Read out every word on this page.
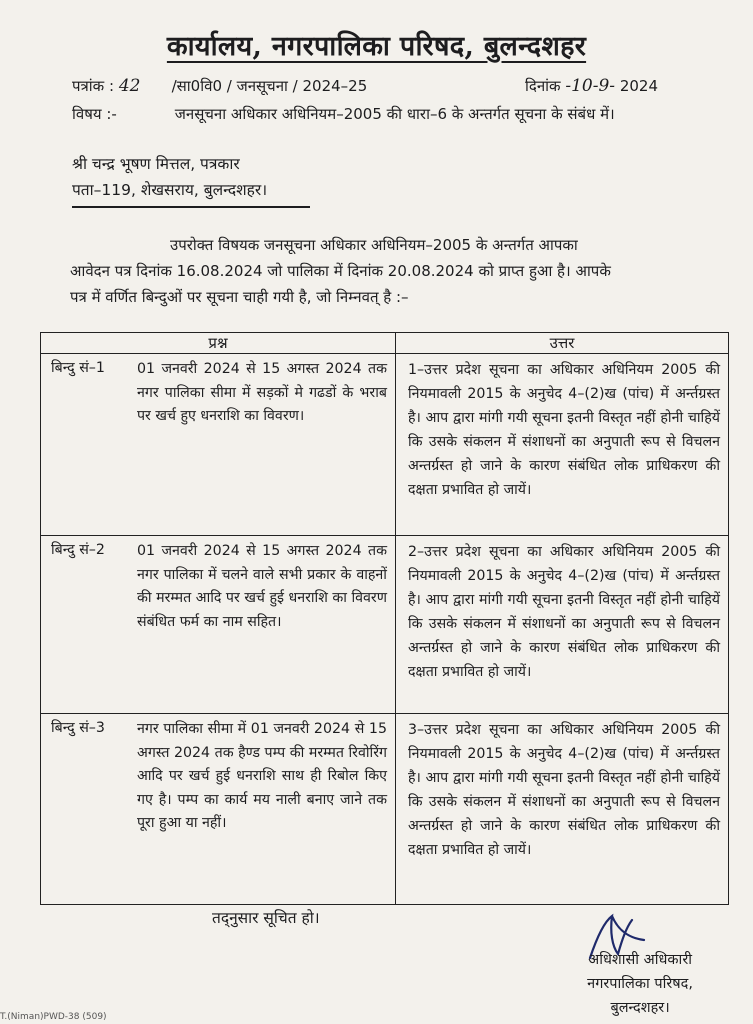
कार्यालय, नगरपालिका परिषद, बुलन्दशहर
पत्रांक : 42 /सा0वि0 / जनसूचना / 2024–25	दिनांक -10-9- 2024
विषय :-	जनसूचना अधिकार अधिनियम–2005 की धारा–6 के अन्तर्गत सूचना के संबंध में।
श्री चन्द्र भूषण मित्तल, पत्रकार
पता–119, शेखसराय, बुलन्दशहर।
उपरोक्त विषयक जनसूचना अधिकार अधिनियम–2005 के अन्तर्गत आपका
आवेदन पत्र दिनांक 16.08.2024 जो पालिका में दिनांक 20.08.2024 को प्राप्त हुआ है। आपके
पत्र में वर्णित बिन्दुओं पर सूचना चाही गयी है, जो निम्नवत् है :–
प्रश्न	उत्तर

बिन्दु सं–1 01 जनवरी 2024 से 15 अगस्त 2024 तक नगर पालिका सीमा में सड़कों मे गढडों के भराब पर खर्च हुए धनराशि का विवरण।	1–उत्तर प्रदेश सूचना का अधिकार अधिनियम 2005 की नियमावली 2015 के अनुचेद 4–(2)ख (पांच) में अर्न्तग्रस्त है। आप द्वारा मांगी गयी सूचना इतनी विस्तृत नहीं होनी चाहियें कि उसके संकलन में संशाधनों का अनुपाती रूप से विचलन अन्तर्ग्रस्त हो जाने के कारण संबंधित लोक प्राधिकरण की दक्षता प्रभावित हो जायें।

बिन्दु सं–2 01 जनवरी 2024 से 15 अगस्त 2024 तक नगर पालिका में चलने वाले सभी प्रकार के वाहनों की मरम्मत आदि पर खर्च हुई धनराशि का विवरण संबंधित फर्म का नाम सहित।	2–उत्तर प्रदेश सूचना का अधिकार अधिनियम 2005 की नियमावली 2015 के अनुचेद 4–(2)ख (पांच) में अर्न्तग्रस्त है। आप द्वारा मांगी गयी सूचना इतनी विस्तृत नहीं होनी चाहियें कि उसके संकलन में संशाधनों का अनुपाती रूप से विचलन अन्तर्ग्रस्त हो जाने के कारण संबंधित लोक प्राधिकरण की दक्षता प्रभावित हो जायें।

बिन्दु सं–3 नगर पालिका सीमा में 01 जनवरी 2024 से 15 अगस्त 2024 तक हैण्ड पम्प की मरम्मत रिवोरिंग आदि पर खर्च हुई धनराशि साथ ही रिबोल किए गए है। पम्प का कार्य मय नाली बनाए जाने तक पूरा हुआ या नहीं।	3–उत्तर प्रदेश सूचना का अधिकार अधिनियम 2005 की नियमावली 2015 के अनुचेद 4–(2)ख (पांच) में अर्न्तग्रस्त है। आप द्वारा मांगी गयी सूचना इतनी विस्तृत नहीं होनी चाहियें कि उसके संकलन में संशाधनों का अनुपाती रूप से विचलन अन्तर्ग्रस्त हो जाने के कारण संबंधित लोक प्राधिकरण की दक्षता प्रभावित हो जायें।
तद्नुसार सूचित हो।
अधिशासी अधिकारी
नगरपालिका परिषद,
बुलन्दशहर।
T.(Niman)PWD-38 (509)
